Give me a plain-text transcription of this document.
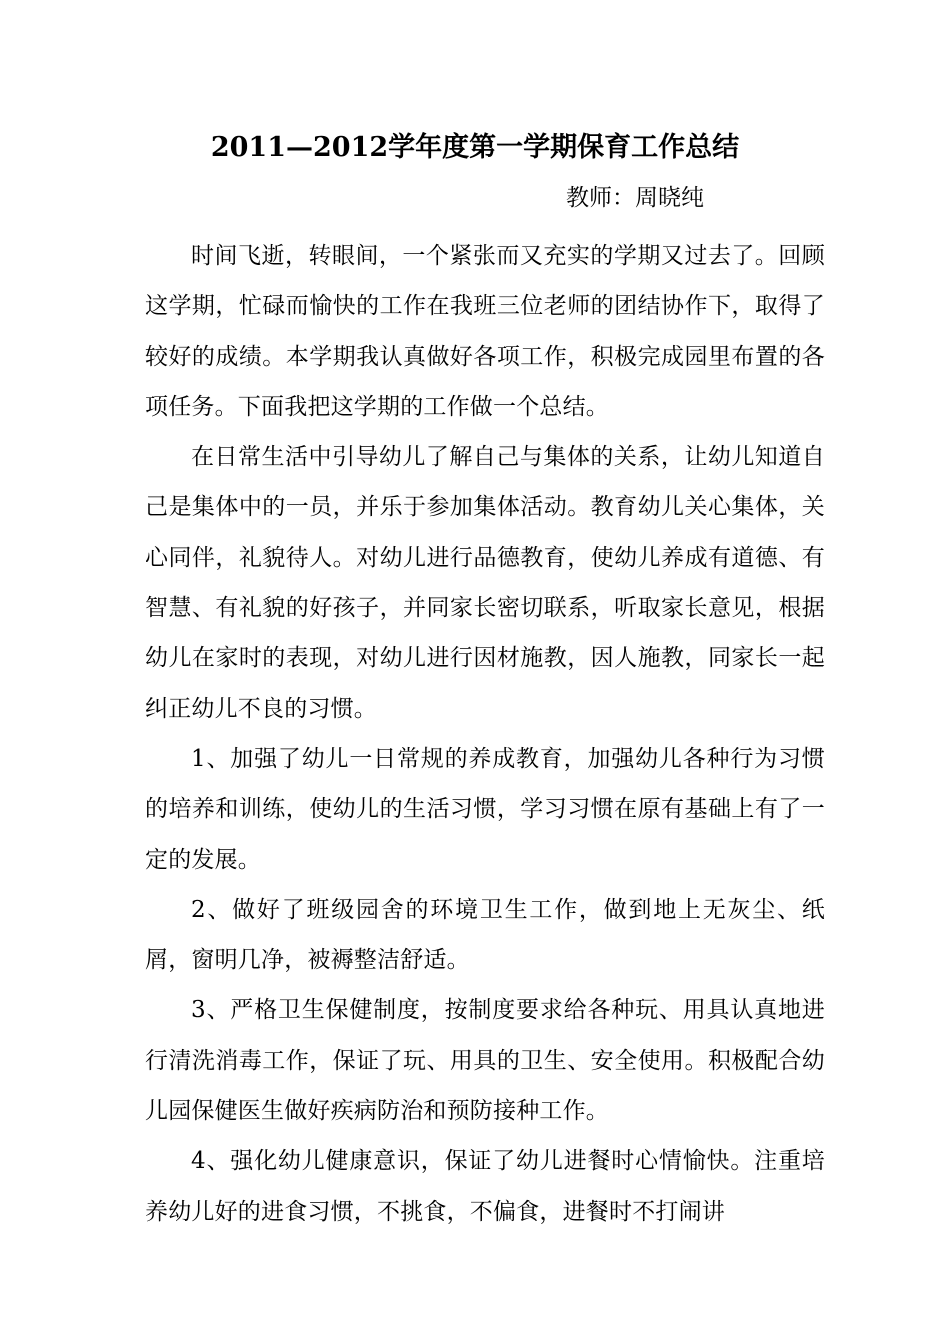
2011—2012学年度第一学期保育工作总结
教师：周晓纯

时间飞逝，转眼间，一个紧张而又充实的学期又过去了。回顾这学期，忙碌而愉快的工作在我班三位老师的团结协作下，取得了较好的成绩。本学期我认真做好各项工作，积极完成园里布置的各项任务。下面我把这学期的工作做一个总结。

在日常生活中引导幼儿了解自己与集体的关系，让幼儿知道自己是集体中的一员，并乐于参加集体活动。教育幼儿关心集体，关心同伴，礼貌待人。对幼儿进行品德教育，使幼儿养成有道德、有智慧、有礼貌的好孩子，并同家长密切联系，听取家长意见，根据幼儿在家时的表现，对幼儿进行因材施教，因人施教，同家长一起纠正幼儿不良的习惯。

1、加强了幼儿一日常规的养成教育，加强幼儿各种行为习惯的培养和训练，使幼儿的生活习惯，学习习惯在原有基础上有了一定的发展。

2、做好了班级园舍的环境卫生工作，做到地上无灰尘、纸屑，窗明几净，被褥整洁舒适。

3、严格卫生保健制度，按制度要求给各种玩、用具认真地进行清洗消毒工作，保证了玩、用具的卫生、安全使用。积极配合幼儿园保健医生做好疾病防治和预防接种工作。

4、强化幼儿健康意识，保证了幼儿进餐时心情愉快。注重培养幼儿好的进食习惯，不挑食，不偏食，进餐时不打闹讲
